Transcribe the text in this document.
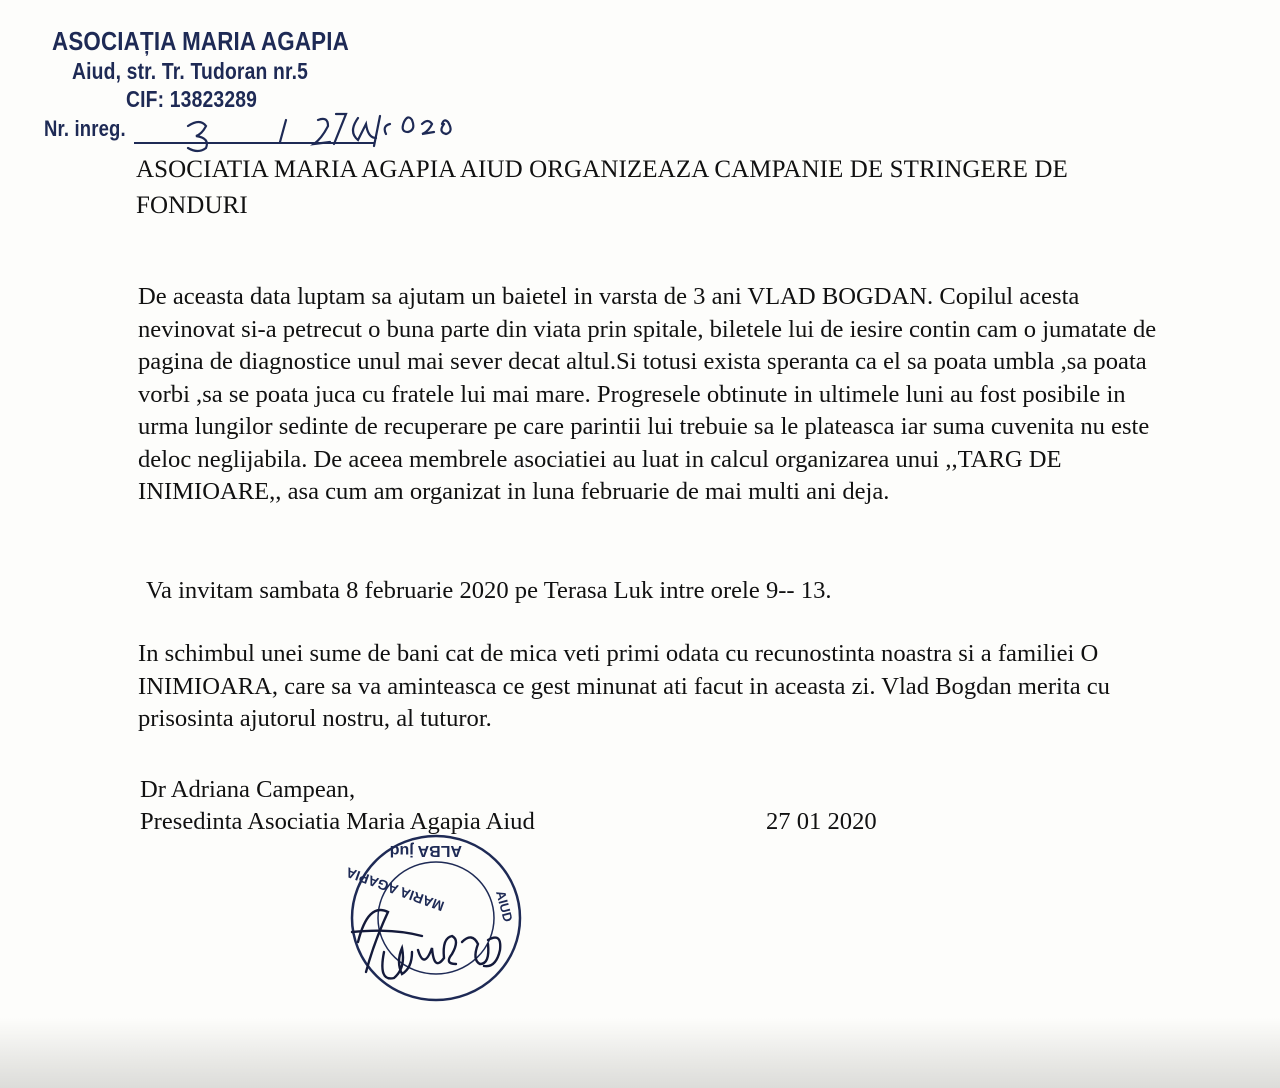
ASOCIAȚIA MARIA AGAPIA
Aiud, str. Tr. Tudoran nr.5
CIF: 13823289
Nr. inreg.
ASOCIATIA MARIA AGAPIA AIUD ORGANIZEAZA CAMPANIE DE STRINGERE DE FONDURI
De aceasta data luptam sa ajutam un baietel in varsta de 3 ani VLAD BOGDAN. Copilul acesta nevinovat si-a petrecut o buna parte din viata prin spitale, biletele lui de iesire contin cam o jumatate de pagina de diagnostice unul mai sever decat altul.Si totusi exista speranta ca el sa poata umbla ,sa poata vorbi ,sa se poata juca cu fratele lui mai mare. Progresele obtinute in ultimele luni au fost posibile in urma lungilor sedinte de recuperare pe care parintii lui trebuie sa le plateasca iar suma cuvenita nu este deloc neglijabila. De aceea membrele asociatiei au luat in calcul organizarea unui ,,TARG DE INIMIOARE,, asa cum am organizat in luna februarie de mai multi ani deja.
Va invitam sambata 8 februarie 2020 pe Terasa Luk intre orele 9-- 13.
In schimbul unei sume de bani cat de mica veti primi odata cu recunostinta noastra si a familiei O INIMIOARA, care sa va aminteasca ce gest minunat ati facut in aceasta zi. Vlad Bogdan merita cu prisosinta ajutorul nostru, al tuturor.
Dr Adriana Campean,
Presedinta Asociatia Maria Agapia Aiud	27 01 2020
ALBA jud
AIUD
MARIA AGAPIA
